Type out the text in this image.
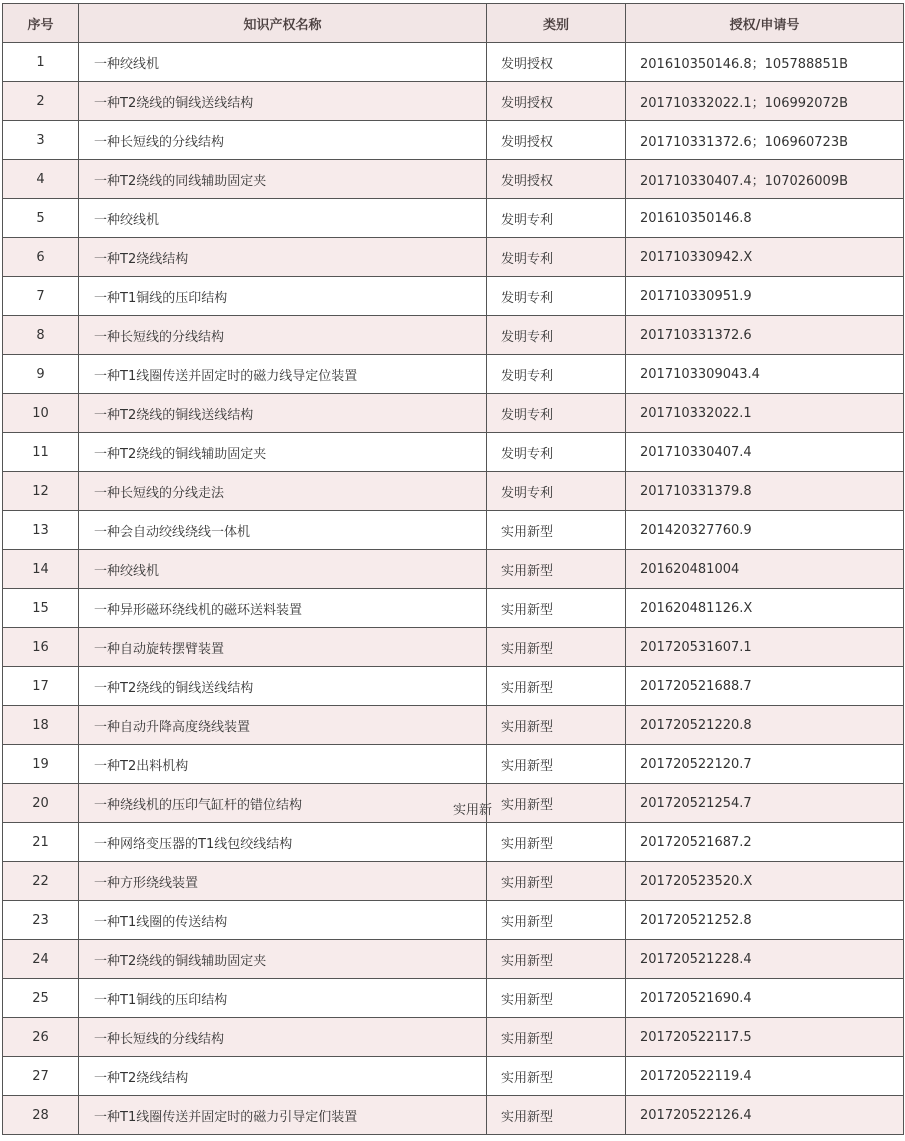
序号	知识产权名称	类别	授权/申请号
1	一种绞线机	发明授权	201610350146.8；105788851B
2	一种T2绕线的铜线送线结构	发明授权	201710332022.1；106992072B
3	一种长短线的分线结构	发明授权	201710331372.6；106960723B
4	一种T2绕线的同线辅助固定夹	发明授权	201710330407.4；107026009B
5	一种绞线机	发明专利	201610350146.8
6	一种T2绕线结构	发明专利	201710330942.X
7	一种T1铜线的压印结构	发明专利	201710330951.9
8	一种长短线的分线结构	发明专利	201710331372.6
9	一种T1线圈传送并固定时的磁力线导定位装置	发明专利	2017103309043.4
10	一种T2绕线的铜线送线结构	发明专利	201710332022.1
11	一种T2绕线的铜线辅助固定夹	发明专利	201710330407.4
12	一种长短线的分线走法	发明专利	201710331379.8
13	一种会自动绞线绕线一体机	实用新型	201420327760.9
14	一种绞线机	实用新型	201620481004
15	一种异形磁环绕线机的磁环送料装置	实用新型	201620481126.X
16	一种自动旋转摆臂装置	实用新型	201720531607.1
17	一种T2绕线的铜线送线结构	实用新型	201720521688.7
18	一种自动升降高度绕线装置	实用新型	201720521220.8
19	一种T2出料机构	实用新型	201720522120.7
20	一种绕线机的压印气缸杆的错位结构	实用新型	201720521254.7
21	一种网络变压器的T1线包绞线结构	实用新型	201720521687.2
22	一种方形绕线装置	实用新型	201720523520.X
23	一种T1线圈的传送结构	实用新型	201720521252.8
24	一种T2绕线的铜线辅助固定夹	实用新型	201720521228.4
25	一种T1铜线的压印结构	实用新型	201720521690.4
26	一种长短线的分线结构	实用新型	201720522117.5
27	一种T2绕线结构	实用新型	201720522119.4
28	一种T1线圈传送并固定时的磁力引导定们装置	实用新型	201720522126.4
实用新
